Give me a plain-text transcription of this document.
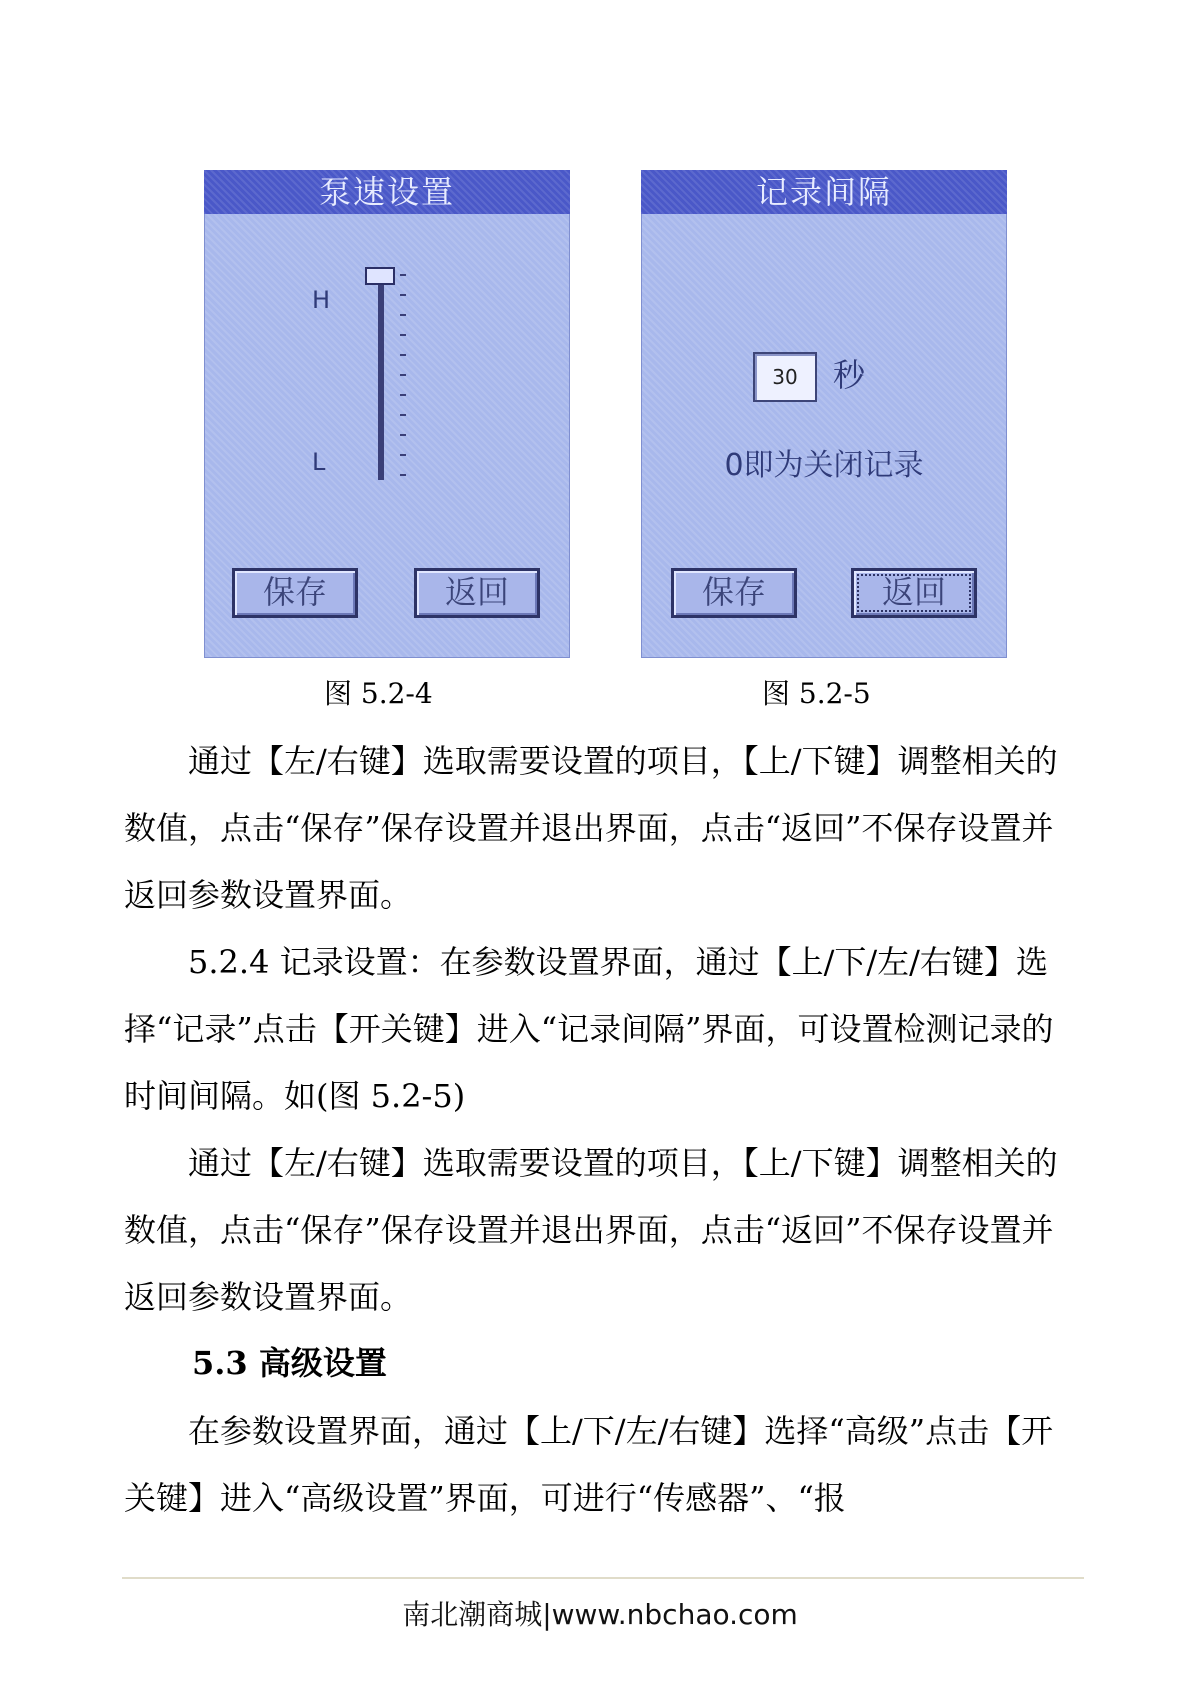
泵速设置
H
L
保存	返回
记录间隔
30	秒
0即为关闭记录
保存	返回
图 5.2-4	图 5.2-5

通过【左/右键】选取需要设置的项目，【上/下键】调整相关的数值，点击“保存”保存设置并退出界面，点击“返回”不保存设置并返回参数设置界面。

5.2.4 记录设置：在参数设置界面，通过【上/下/左/右键】选择“记录”点击【开关键】进入“记录间隔”界面，可设置检测记录的时间间隔。如(图 5.2-5)

通过【左/右键】选取需要设置的项目，【上/下键】调整相关的数值，点击“保存”保存设置并退出界面，点击“返回”不保存设置并返回参数设置界面。

5.3 高级设置

在参数设置界面，通过【上/下/左/右键】选择“高级”点击【开关键】进入“高级设置”界面，可进行“传感器”、“报

南北潮商城|www.nbchao.com
